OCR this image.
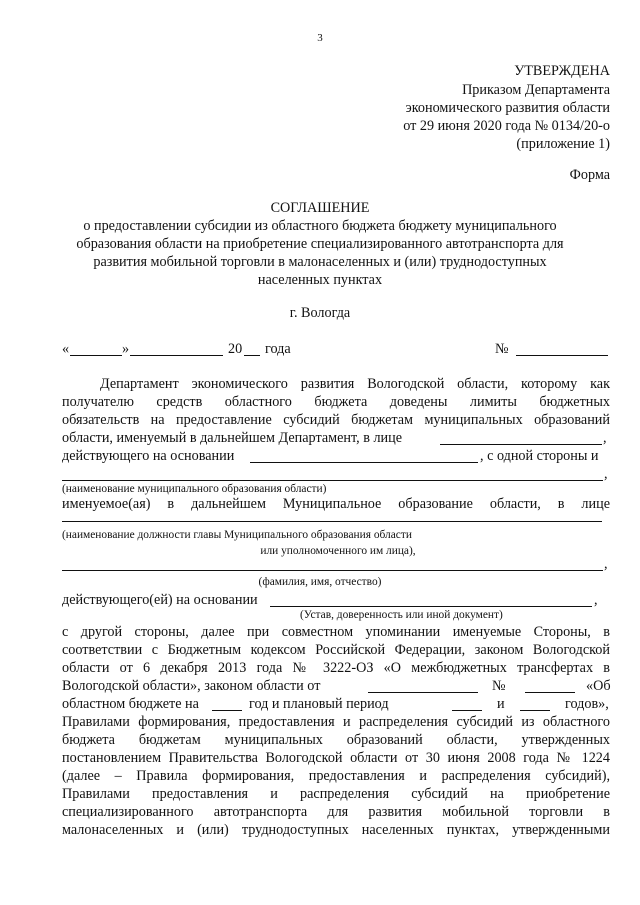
3
УТВЕРЖДЕНА
Приказом Департамента
экономического развития области
от 29 июня 2020 года № 0134/20-о
(приложение 1)
Форма
СОГЛАШЕНИЕ
о предоставлении субсидии из областного бюджета бюджету муниципального
образования области на приобретение специализированного автотранспорта для
развития мобильной торговли в малонаселенных и (или) труднодоступных
населенных пунктах
г. Вологда
«	»	20 года	№
Департамент экономического развития Вологодской области, которому как
получателю средств областного бюджета доведены лимиты бюджетных
обязательств на предоставление субсидий бюджетам муниципальных образований
области, именуемый в дальнейшем Департамент, в лице	,
действующего на основании	, с одной стороны и
,
(наименование муниципального образования области)
именуемое(ая) в дальнейшем Муниципальное образование области, в лице
(наименование должности главы Муниципального образования области
или уполномоченного им лица),
,
(фамилия, имя, отчество)
действующего(ей) на основании	,
(Устав, доверенность или иной документ)
с другой стороны, далее при совместном упоминании именуемые Стороны, в
соответствии с Бюджетным кодексом Российской Федерации, законом Вологодской
области от 6 декабря 2013 года № 3222-ОЗ «О межбюджетных трансфертах в
Вологодской области», законом области от	№	«Об
областном бюджете на	год и плановый период	и	годов»,
Правилами формирования, предоставления и распределения субсидий из областного
бюджета бюджетам муниципальных образований области, утвержденных
постановлением Правительства Вологодской области от 30 июня 2008 года № 1224
(далее – Правила формирования, предоставления и распределения субсидий),
Правилами предоставления и распределения субсидий на приобретение
специализированного автотранспорта для развития мобильной торговли в
малонаселенных и (или) труднодоступных населенных пунктах, утвержденными
